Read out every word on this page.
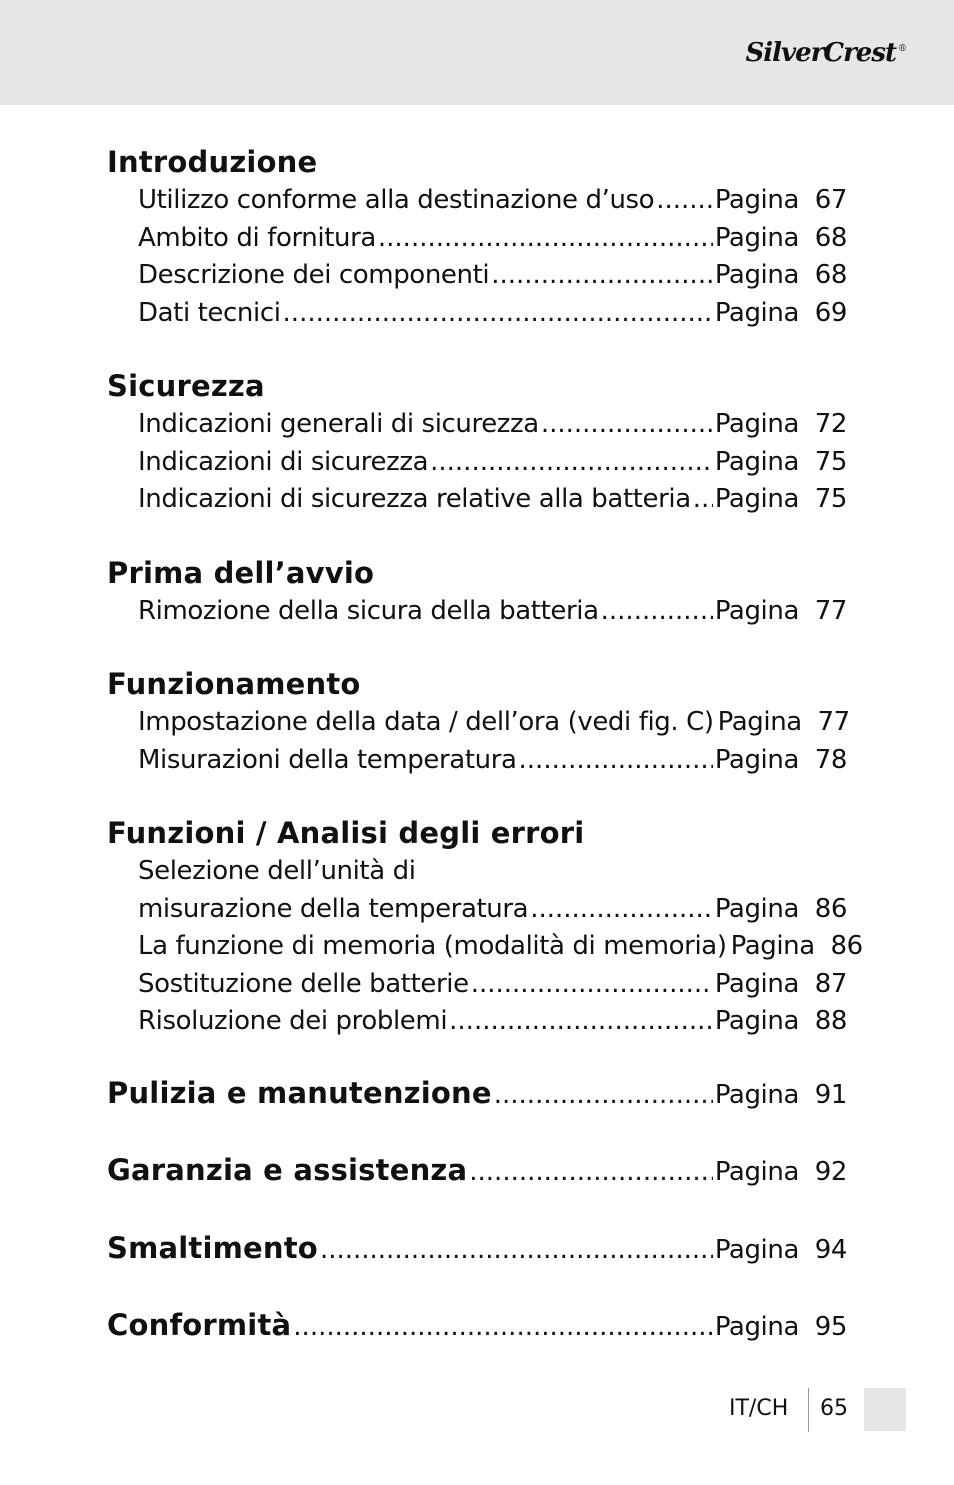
SilverCrest ®
Introduzione
Utilizzo conforme alla destinazione d’uso ..... Pagina 67
Ambito di fornitura .....	Pagina 68
Descrizione dei componenti .....	Pagina 68
Dati tecnici .....	Pagina 69
Sicurezza
Indicazioni generali di sicurezza .....	Pagina 72
Indicazioni di sicurezza .....	Pagina 75
Indicazioni di sicurezza relative alla batteria ..... Pagina 75
Prima dell’avvio
Rimozione della sicura della batteria .....	Pagina 77
Funzionamento
Impostazione della data / dell’ora (vedi fig. C) Pagina 77
Misurazioni della temperatura .....	Pagina 78
Funzioni / Analisi degli errori
Selezione dell’unità di
misurazione della temperatura .....	Pagina 86
La funzione di memoria (modalità di memoria) Pagina 86
Sostituzione delle batterie .....	Pagina 87
Risoluzione dei problemi .....	Pagina 88
Pulizia e manutenzione .....	Pagina 91
Garanzia e assistenza .....	Pagina 92
Smaltimento .....	Pagina 94
Conformità .....	Pagina 95
IT/CH 65
